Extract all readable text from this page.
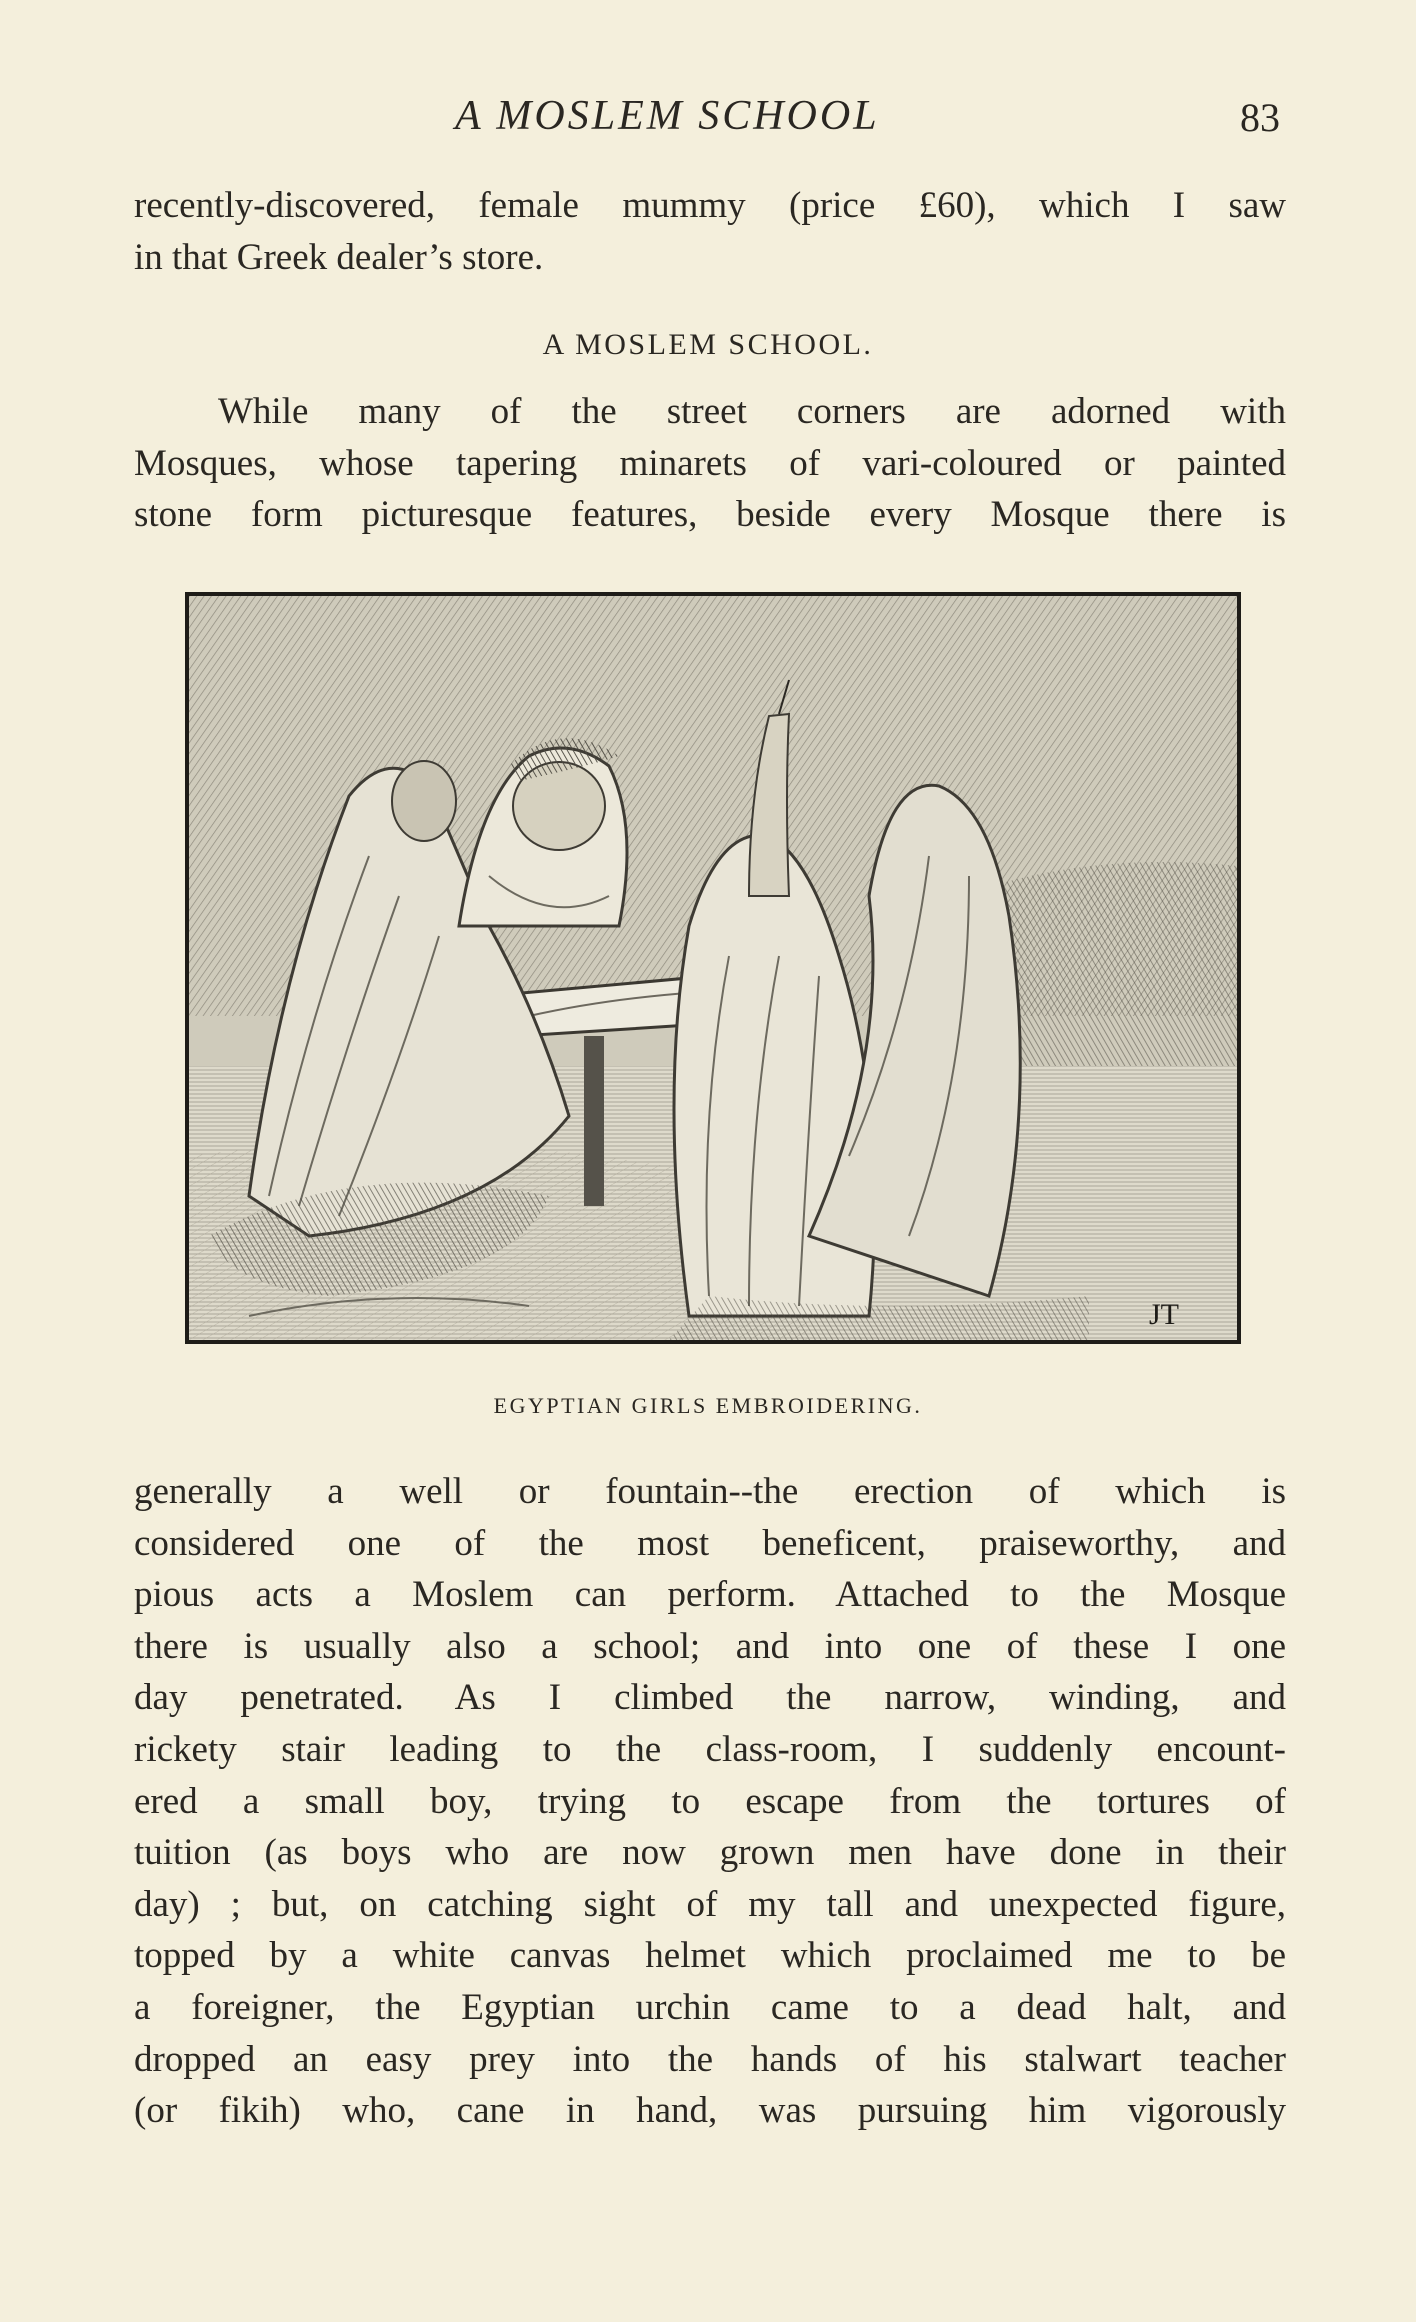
A MOSLEM SCHOOL	83

recently-discovered, female mummy (price £60), which I saw
in that Greek dealer’s store.

A MOSLEM SCHOOL.

While many of the street corners are adorned with
Mosques, whose tapering minarets of vari-coloured or painted
stone form picturesque features, beside every Mosque there is

JT
EGYPTIAN GIRLS EMBROIDERING.

generally a well or fountain--the erection of which is
considered one of the most beneficent, praiseworthy, and
pious acts a Moslem can perform. Attached to the Mosque
there is usually also a school; and into one of these I one
day penetrated. As I climbed the narrow, winding, and
rickety stair leading to the class-room, I suddenly encount-
ered a small boy, trying to escape from the tortures of
tuition (as boys who are now grown men have done in their
day) ; but, on catching sight of my tall and unexpected figure,
topped by a white canvas helmet which proclaimed me to be
a foreigner, the Egyptian urchin came to a dead halt, and
dropped an easy prey into the hands of his stalwart teacher
(or fikih) who, cane in hand, was pursuing him vigorously
